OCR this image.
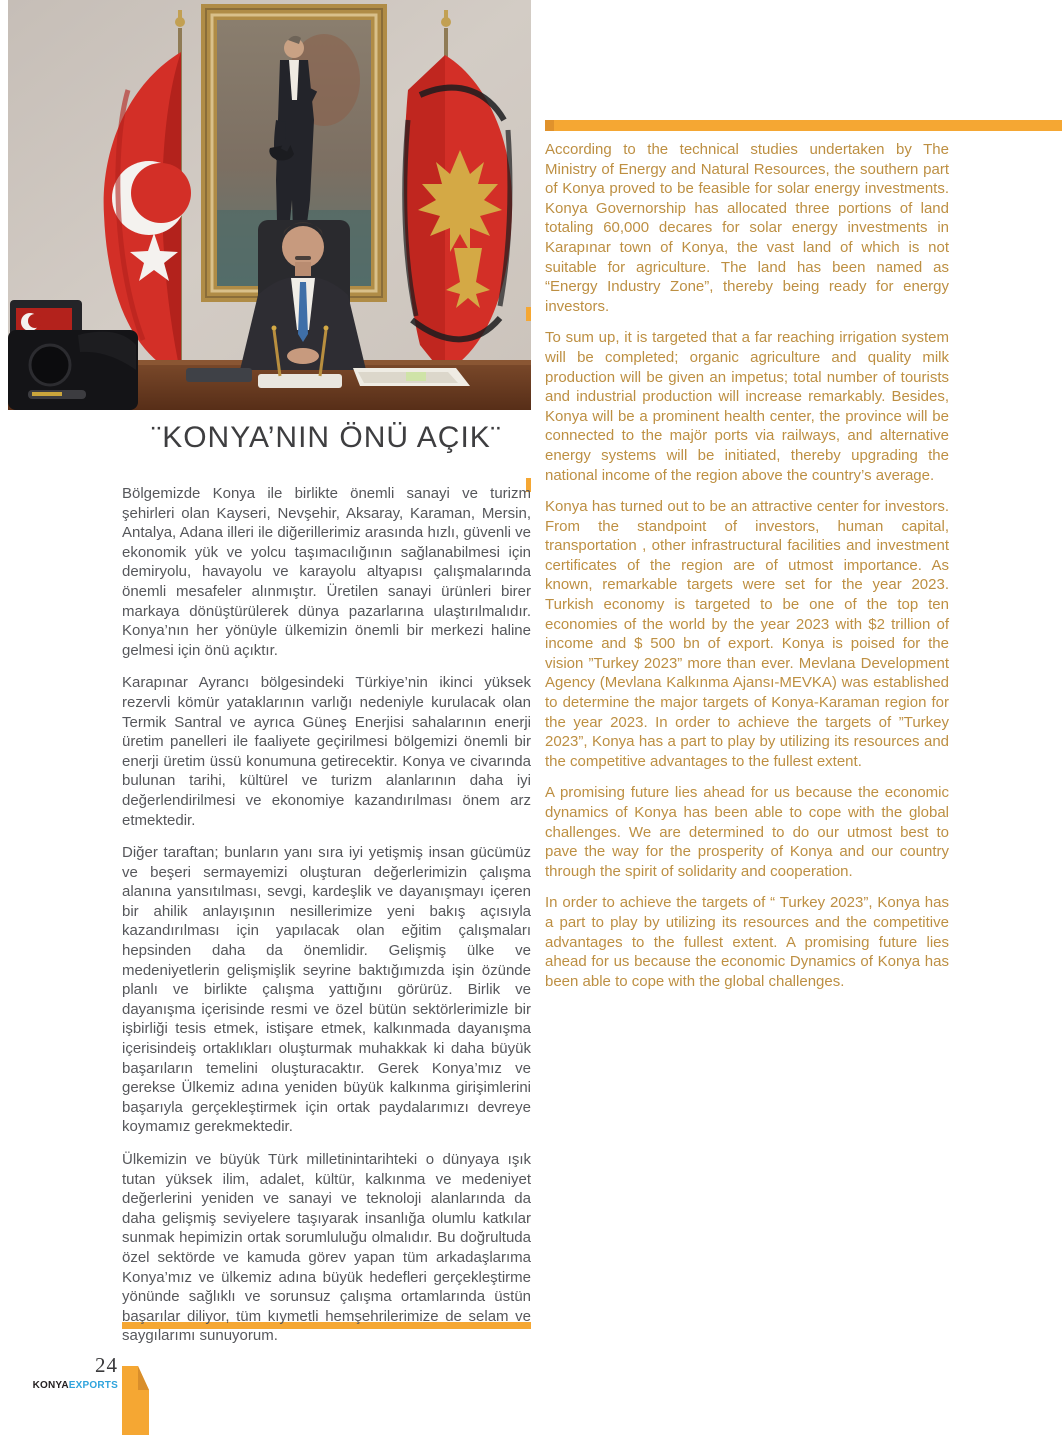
¨KONYA’NIN ÖNÜ AÇIK¨

Bölgemizde Konya ile birlikte önemli sanayi ve turizm şehirleri olan Kayseri, Nevşehir, Aksaray, Karaman, Mersin, Antalya, Adana illeri ile diğerillerimiz arasında hızlı, güvenli ve ekonomik yük ve yolcu taşımacılığının sağlanabilmesi için demiryolu, havayolu ve karayolu altyapısı çalışmalarında önemli mesafeler alınmıştır. Üretilen sanayi ürünleri birer markaya dönüştürülerek dünya pazarlarına ulaştırılmalıdır. Konya’nın her yönüyle ülkemizin önemli bir merkezi haline gelmesi için önü açıktır.

Karapınar Ayrancı bölgesindeki Türkiye’nin ikinci yüksek rezervli kömür yataklarının varlığı nedeniyle kurulacak olan Termik Santral ve ayrıca Güneş Enerjisi sahalarının enerji üretim panelleri ile faaliyete geçirilmesi bölgemizi önemli bir enerji üretim üssü konumuna getirecektir. Konya ve civarında bulunan tarihi, kültürel ve turizm alanlarının daha iyi değerlendirilmesi ve ekonomiye kazandırılması önem arz etmektedir.

Diğer taraftan; bunların yanı sıra iyi yetişmiş insan gücümüz ve beşeri sermayemizi oluşturan değerlerimizin çalışma alanına yansıtılması, sevgi, kardeşlik ve dayanışmayı içeren bir ahilik anlayışının nesillerimize yeni bakış açısıyla kazandırılması için yapılacak olan eğitim çalışmaları hepsinden daha da önemlidir. Gelişmiş ülke ve medeniyetlerin gelişmişlik seyrine baktığımızda işin özünde planlı ve birlikte çalışma yattığını görürüz. Birlik ve dayanışma içerisinde resmi ve özel bütün sektörlerimizle bir işbirliği tesis etmek, istişare etmek, kalkınmada dayanışma içerisindeiş ortaklıkları oluşturmak muhakkak ki daha büyük başarıların temelini oluşturacaktır. Gerek Konya’mız ve gerekse Ülkemiz adına yeniden büyük kalkınma girişimlerini başarıyla gerçekleştirmek için ortak paydalarımızı devreye koymamız gerekmektedir.

Ülkemizin ve büyük Türk milletinintarihteki o dünyaya ışık tutan yüksek ilim, adalet, kültür, kalkınma ve medeniyet değerlerini yeniden ve sanayi ve teknoloji alanlarında da daha gelişmiş seviyelere taşıyarak insanlığa olumlu katkılar sunmak hepimizin ortak sorumluluğu olmalıdır. Bu doğrultuda özel sektörde ve kamuda görev yapan tüm arkadaşlarıma Konya’mız ve ülkemiz adına büyük hedefleri gerçekleştirme yönünde sağlıklı ve sorunsuz çalışma ortamlarında üstün başarılar diliyor, tüm kıymetli hemşehrilerimize de selam ve saygılarımı sunuyorum.

According to the technical studies undertaken by The Ministry of Energy and Natural Resources, the southern part of Konya proved to be feasible for solar energy investments. Konya Governorship has allocated three portions of land totaling 60,000 decares for solar energy investments in Karapınar town of Konya, the vast land of which is not suitable for agriculture. The land has been named as “Energy Industry Zone”, thereby being ready for energy investors.

To sum up, it is targeted that a far reaching irrigation system will be completed; organic agriculture and quality milk production will be given an impetus; total number of tourists and industrial production will increase remarkably. Besides, Konya will be a prominent health center, the province will be connected to the majör ports via railways, and alternative energy systems will be initiated, thereby upgrading the national income of the region above the country’s average.

Konya has turned out to be an attractive center for investors. From the standpoint of investors, human capital, transportation , other infrastructural facilities and investment certificates of the region are of utmost importance. As known, remarkable targets were set for the year 2023. Turkish economy is targeted to be one of the top ten economies of the world by the year 2023 with $2 trillion of income and $ 500 bn of export. Konya is poised for the vision ”Turkey 2023” more than ever. Mevlana Development Agency (Mevlana Kalkınma Ajansı-MEVKA) was established to determine the major targets of Konya-Karaman region for the year 2023. In order to achieve the targets of ”Turkey 2023”, Konya has a part to play by utilizing its resources and the competitive advantages to the fullest extent.

A promising future lies ahead for us because the economic dynamics of Konya has been able to cope with the global challenges. We are determined to do our utmost best to pave the way for the prosperity of Konya and our country through the spirit of solidarity and cooperation.

In order to achieve the targets of “ Turkey 2023”, Konya has a part to play by utilizing its resources and the competitive advantages to the fullest extent. A promising future lies ahead for us because the economic Dynamics of Konya has been able to cope with the global challenges.

24
KONYAEXPORTS
